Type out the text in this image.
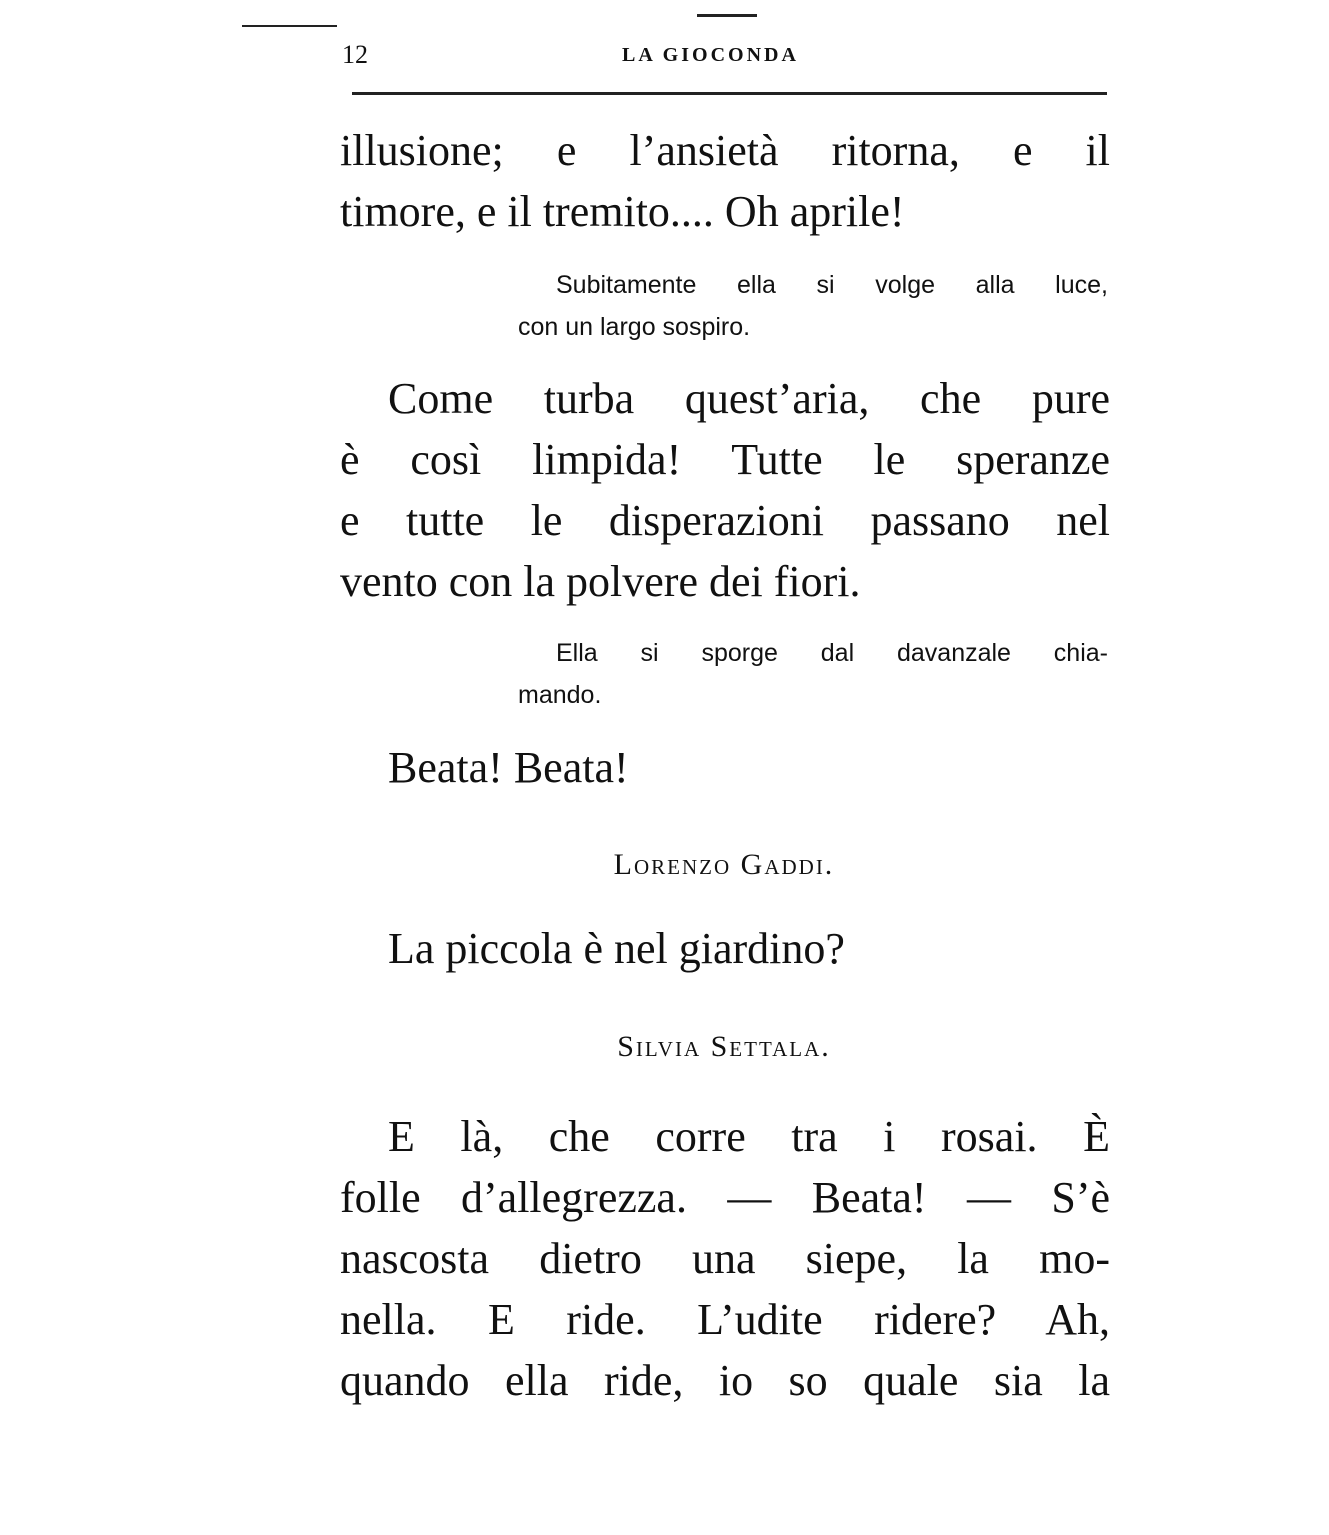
12	LA GIOCONDA
illusione; e l’ansietà ritorna, e il
timore, e il tremito.... Oh aprile!
Subitamente ella si volge alla luce,
con un largo sospiro.
Come turba quest’aria, che pure
è così limpida! Tutte le speranze
e tutte le disperazioni passano nel
vento con la polvere dei fiori.
Ella si sporge dal davanzale chia-
mando.
Beata! Beata!
Lorenzo Gaddi.
La piccola è nel giardino?
Silvia Settala.
E là, che corre tra i rosai. È
folle d’allegrezza. — Beata! — S’è
nascosta dietro una siepe, la mo-
nella. E ride. L’udite ridere? Ah,
quando ella ride, io so quale sia la
